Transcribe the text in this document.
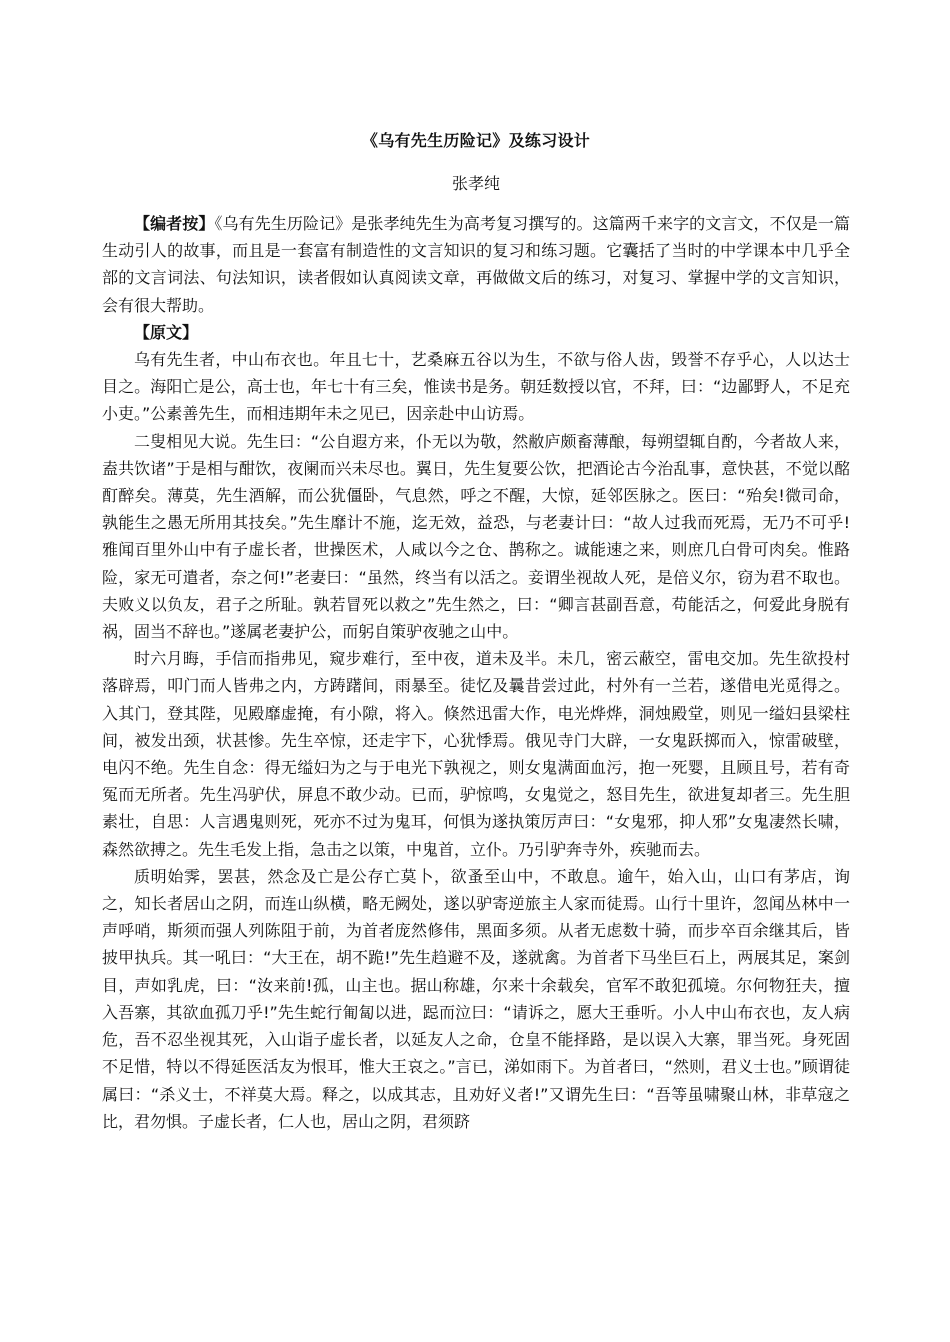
《乌有先生历险记》及练习设计
张孝纯

【编者按】《乌有先生历险记》是张孝纯先生为高考复习撰写的。这篇两千来字的文言文，不仅是一篇生动引人的故事，而且是一套富有制造性的文言知识的复习和练习题。它囊括了当时的中学课本中几乎全部的文言词法、句法知识，读者假如认真阅读文章，再做做文后的练习，对复习、掌握中学的文言知识，会有很大帮助。

【原文】

乌有先生者，中山布衣也。年且七十，艺桑麻五谷以为生，不欲与俗人齿，毁誉不存乎心，人以达士目之。海阳亡是公，高士也，年七十有三矣，惟读书是务。朝廷数授以官，不拜，曰：“边鄙野人，不足充小吏。”公素善先生，而相违期年未之见已，因亲赴中山访焉。

二叟相见大说。先生曰：“公自遐方来，仆无以为敬，然敝庐颇畜薄酿，每朔望辄自酌，今者故人来，盍共饮诸”于是相与酣饮，夜阑而兴未尽也。翼日，先生复要公饮，把酒论古今治乱事，意快甚，不觉以酩酊醉矣。薄莫，先生酒解，而公犹僵卧，气息然，呼之不醒，大惊，延邻医脉之。医曰：“殆矣!微司命，孰能生之愚无所用其技矣。”先生靡计不施，迄无效，益恐，与老妻计曰：“故人过我而死焉，无乃不可乎!雅闻百里外山中有子虚长者，世操医术，人咸以今之仓、鹊称之。诚能速之来，则庶几白骨可肉矣。惟路险，家无可遣者，奈之何!”老妻曰：“虽然，终当有以活之。妾谓坐视故人死，是倍义尔，窃为君不取也。夫败义以负友，君子之所耻。孰若冒死以救之”先生然之，曰：“卿言甚副吾意，苟能活之，何爱此身脱有祸，固当不辞也。”遂属老妻护公，而躬自策驴夜驰之山中。

时六月晦，手信而指弗见，窥步难行，至中夜，道未及半。未几，密云蔽空，雷电交加。先生欲投村落辟焉，叩门而人皆弗之内，方踌躇间，雨暴至。徒忆及曩昔尝过此，村外有一兰若，遂借电光觅得之。入其门，登其陛，见殿靡虚掩，有小隙，将入。倏然迅雷大作，电光烨烨，洞烛殿堂，则见一缢妇县梁柱间，被发出颈，状甚惨。先生卒惊，还走宇下，心犹悸焉。俄见寺门大辟，一女鬼跃掷而入，惊雷破壁，电闪不绝。先生自念：得无缢妇为之与于电光下孰视之，则女鬼满面血污，抱一死婴，且顾且号，若有奇冤而无所者。先生冯驴伏，屏息不敢少动。已而，驴惊鸣，女鬼觉之，怒目先生，欲进复却者三。先生胆素壮，自思：人言遇鬼则死，死亦不过为鬼耳，何惧为遂执策厉声曰：“女鬼邪，抑人邪”女鬼凄然长啸，森然欲搏之。先生毛发上指，急击之以策，中鬼首，立仆。乃引驴奔寺外，疾驰而去。

质明始霁，罢甚，然念及亡是公存亡莫卜，欲蚤至山中，不敢息。逾午，始入山，山口有茅店，询之，知长者居山之阴，而连山纵横，略无阙处，遂以驴寄逆旅主人家而徒焉。山行十里许，忽闻丛林中一声呼哨，斯须而强人列陈阻于前，为首者庞然修伟，黑面多须。从者无虑数十骑，而步卒百余继其后，皆披甲执兵。其一吼曰：“大王在，胡不跪!”先生趋避不及，遂就禽。为首者下马坐巨石上，两展其足，案剑目，声如乳虎，曰：“汝来前!孤，山主也。据山称雄，尔来十余载矣，官军不敢犯孤境。尔何物狂夫，擅入吾寨，其欲血孤刀乎!”先生蛇行匍匐以进，跽而泣曰：“请诉之，愿大王垂听。小人中山布衣也，友人病危，吾不忍坐视其死，入山诣子虚长者，以延友人之命，仓皇不能择路，是以误入大寨，罪当死。身死固不足惜，特以不得延医活友为恨耳，惟大王哀之。”言已，涕如雨下。为首者曰，“然则，君义士也。”顾谓徒属曰：“杀义士，不祥莫大焉。释之，以成其志，且劝好义者!”又谓先生曰：“吾等虽啸聚山林，非草寇之比，君勿惧。子虚长者，仁人也，居山之阴，君须跻
